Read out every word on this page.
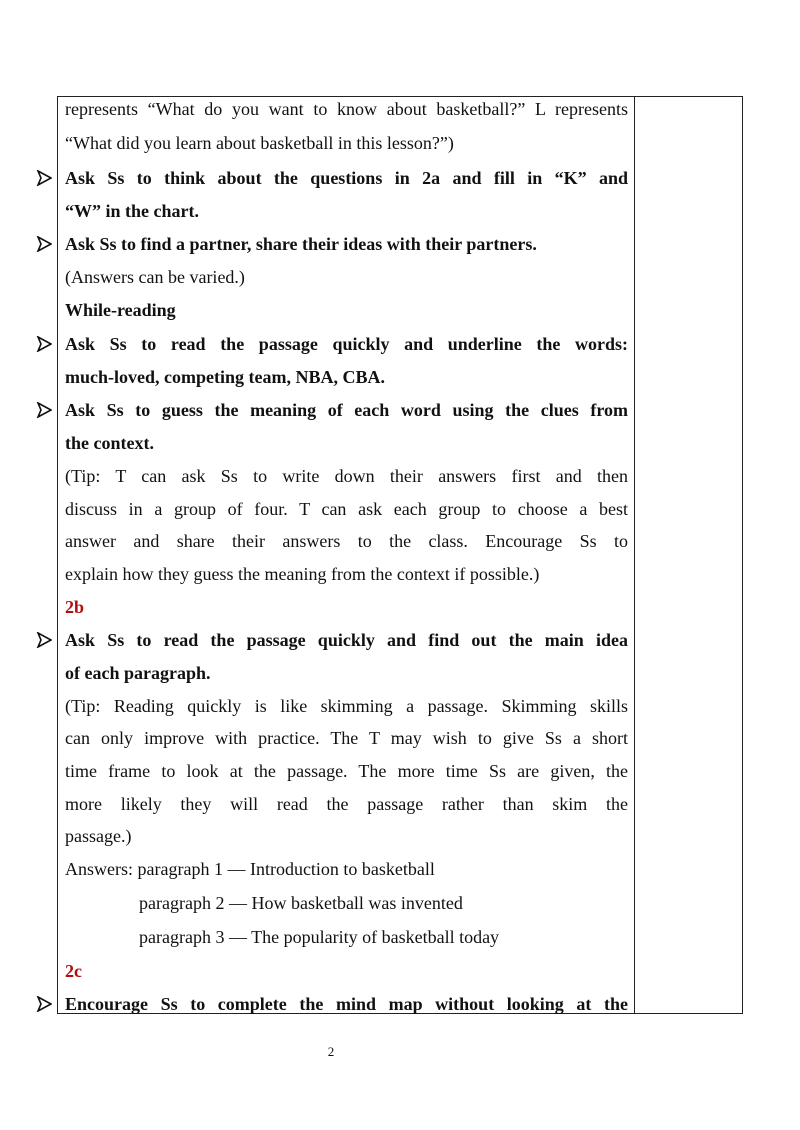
represents “What do you want to know about basketball?” L represents
“What did you learn about basketball in this lesson?”)
Ask Ss to think about the questions in 2a and fill in “K” and
“W” in the chart.
Ask Ss to find a partner, share their ideas with their partners.
(Answers can be varied.)
While-reading
Ask Ss to read the passage quickly and underline the words:
much-loved, competing team, NBA, CBA.
Ask Ss to guess the meaning of each word using the clues from
the context.
(Tip: T can ask Ss to write down their answers first and then
discuss in a group of four. T can ask each group to choose a best
answer and share their answers to the class. Encourage Ss to
explain how they guess the meaning from the context if possible.)
2b
Ask Ss to read the passage quickly and find out the main idea
of each paragraph.
(Tip: Reading quickly is like skimming a passage. Skimming skills
can only improve with practice. The T may wish to give Ss a short
time frame to look at the passage. The more time Ss are given, the
more likely they will read the passage rather than skim the
passage.)
Answers: paragraph 1 — Introduction to basketball
paragraph 2 — How basketball was invented
paragraph 3 — The popularity of basketball today
2c
Encourage Ss to complete the mind map without looking at the
2
